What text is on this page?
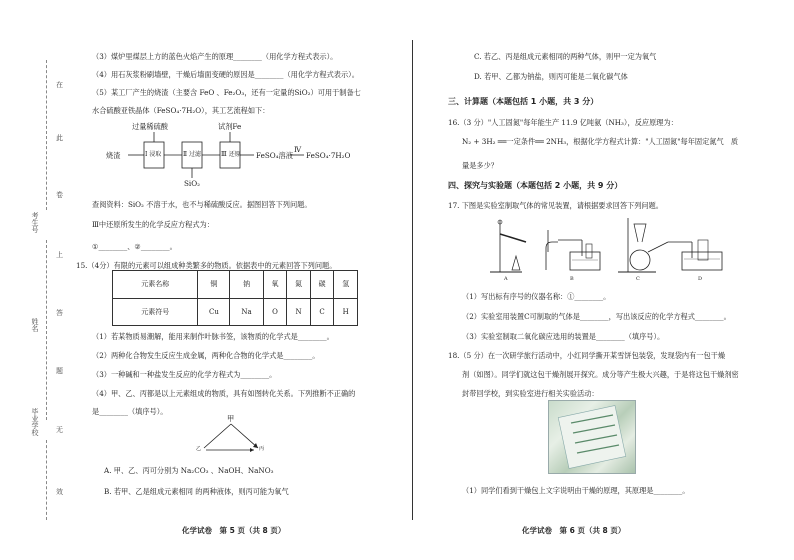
考生号
姓名
毕业学校
在
此
卷
上
答
题
无
效
（3）煤炉里煤层上方的蓝色火焰产生的原理________（用化学方程式表示）。
（4）用石灰浆粉刷墙壁，干燥后墙面变硬的原因是________（用化学方程式表示）。
（5）某工厂产生的烧渣（主要含 FeO 、Fe₂O₃，还有一定量的SiO₂）可用于制备七
水合硫酸亚铁晶体（FeSO₄·7H₂O），其工艺流程如下：
烧渣
过量稀硫酸	试剂Fe
Ⅰ 浸取	Ⅱ 过滤	Ⅲ 还原 FeSO₄溶液
Ⅳ
FeSO₄·7H₂O
SiO₂
查阅资料：SiO₂ 不溶于水，也不与稀硫酸反应。据图回答下列问题。
Ⅲ中还原所发生的化学反应方程式为：
①________、②________。
15.（4分）有限的元素可以组成种类繁多的物质。依据表中的元素回答下列问题。
元素名称	铜	钠	氧	氮	碳	氢
元素符号	Cu	Na	O	N	C	H
（1）若某物质易潮解，能用来制作叶脉书签，该物质的化学式是________。
（2）两种化合物发生反应生成金属，两种化合物的化学式是________。
（3）一种碱和一种盐发生反应的化学方程式为________。
（4）甲、乙、丙都是以上元素组成的物质，具有如图转化关系。下列推断不正确的
是________（填序号）。
甲
乙	丙
A. 甲、乙、丙可分别为 Na₂CO₃ 、NaOH、NaNO₃
B. 若甲、乙是组成元素相同 的两种液体，则丙可能为氧气
化学试卷　第 5 页（共 8 页）
C. 若乙、丙是组成元素相同的两种气体，则甲一定为氧气
D. 若甲、乙都为钠盐，则丙可能是二氧化碳气体
三、计算题（本题包括 1 小题，共 3 分）
16.（3 分）"人工固氮"每年能生产 11.9 亿吨氨（NH₃），反应原理为：
N₂ + 3H₂ ══一定条件══ 2NH₃，根据化学方程式计算："人工固氮"每年固定氮气　质
量是多少？
四、探究与实验题（本题包括 2 小题，共 9 分）
17. 下图是实验室制取气体的常见装置，请根据要求回答下列问题。
A	B	C	D
（1）写出标有序号的仪器名称：①________。
（2）实验室用装置C可制取的气体是________，写出该反应的化学方程式________。
（3）实验室制取二氧化碳应选用的装置是________（填序号）。
18.（5 分）在一次研学旅行活动中，小红同学撕开某雪饼包装袋，发现袋内有一包干燥
剂（如图）。同学们就这包干燥剂展开探究。成分等产生极大兴趣，于是将这包干燥剂密
封带回学校，到实验室进行相关实验活动：
（1）同学们看到干燥包上文字说明由干燥的原理，其原理是________。
化学试卷　第 6 页（共 8 页）
